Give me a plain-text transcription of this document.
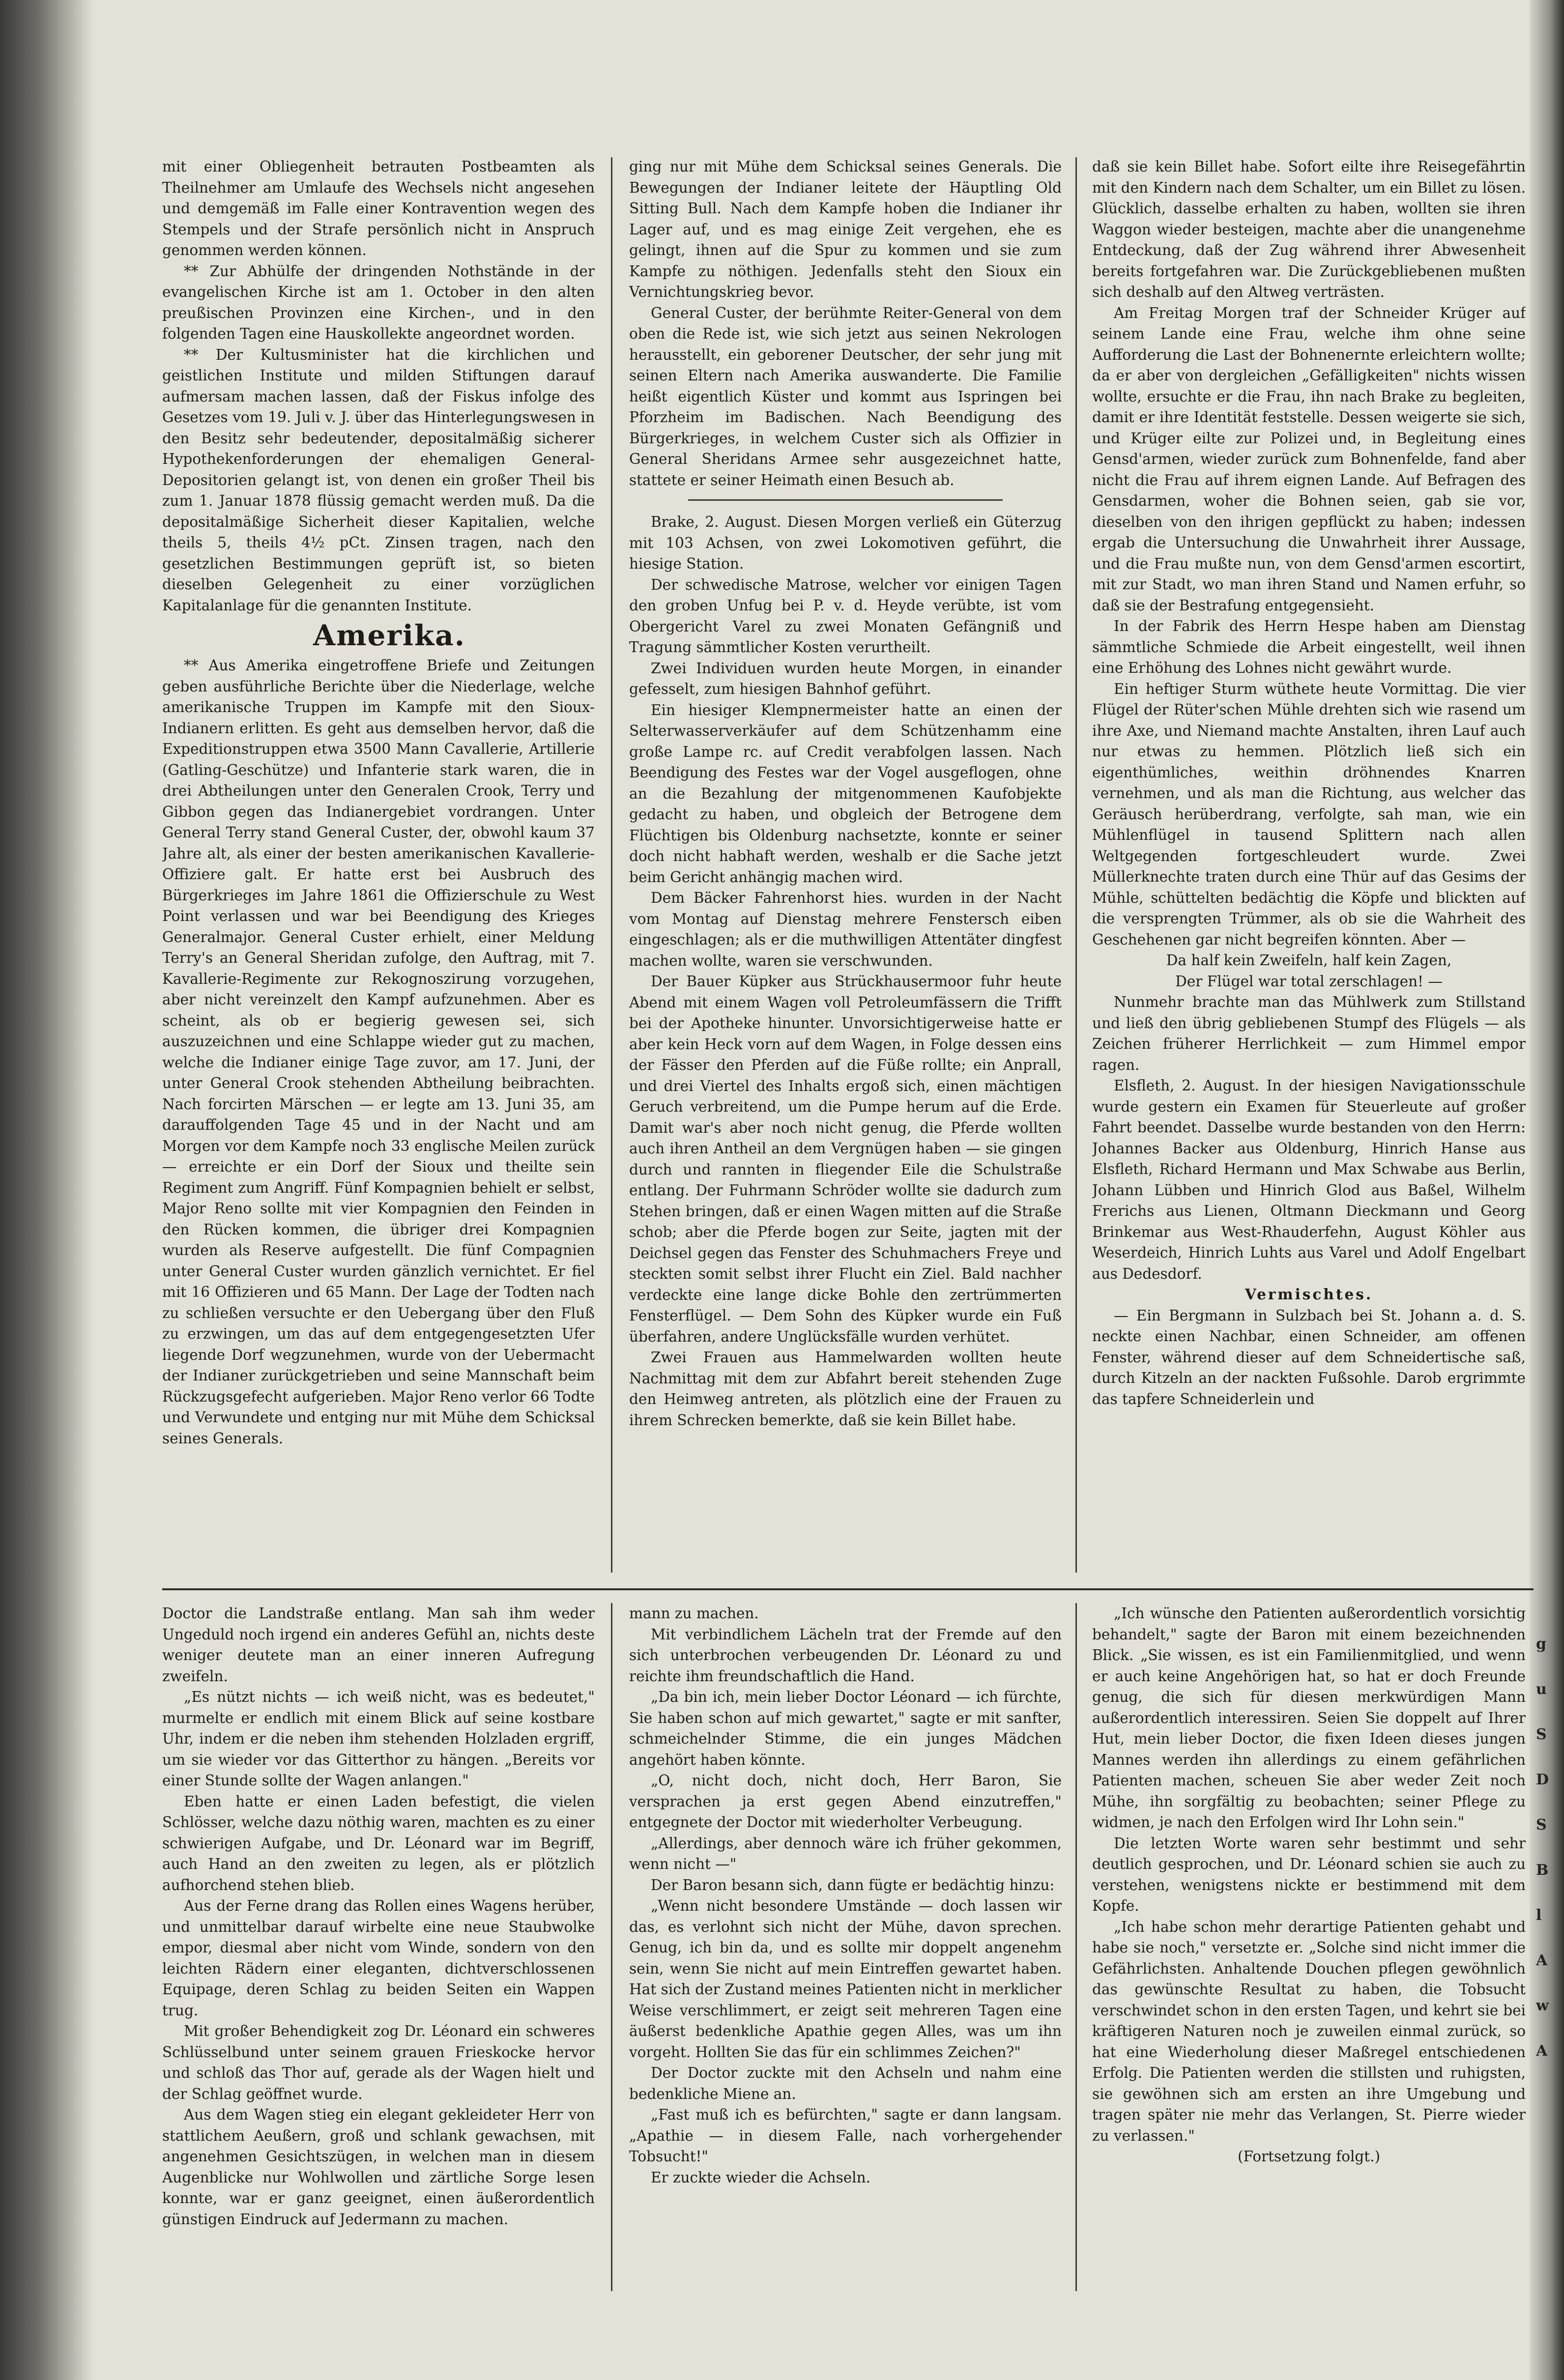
mit einer Obliegenheit betrauten Postbeamten als Theilnehmer am Umlaufe des Wechsels nicht angesehen und demgemäß im Falle einer Kontravention wegen des Stempels und der Strafe persönlich nicht in Anspruch genommen werden können.

** Zur Abhülfe der dringenden Nothstände in der evangelischen Kirche ist am 1. October in den alten preußischen Provinzen eine Kirchen-, und in den folgenden Tagen eine Hauskollekte angeordnet worden.

** Der Kultusminister hat die kirchlichen und geistlichen Institute und milden Stiftungen darauf aufmersam machen lassen, daß der Fiskus infolge des Gesetzes vom 19. Juli v. J. über das Hinterlegungswesen in den Besitz sehr bedeutender, depositalmäßig sicherer Hypothekenforderungen der ehemaligen General-Depositorien gelangt ist, von denen ein großer Theil bis zum 1. Januar 1878 flüssig gemacht werden muß. Da die depositalmäßige Sicherheit dieser Kapitalien, welche theils 5, theils 4½ pCt. Zinsen tragen, nach den gesetzlichen Bestimmungen geprüft ist, so bieten dieselben Gelegenheit zu einer vorzüglichen Kapitalanlage für die genannten Institute.

Amerika.

** Aus Amerika eingetroffene Briefe und Zeitungen geben ausführliche Berichte über die Niederlage, welche amerikanische Truppen im Kampfe mit den Sioux-Indianern erlitten. Es geht aus demselben hervor, daß die Expeditionstruppen etwa 3500 Mann Cavallerie, Artillerie (Gatling-Geschütze) und Infanterie stark waren, die in drei Abtheilungen unter den Generalen Crook, Terry und Gibbon gegen das Indianergebiet vordrangen. Unter General Terry stand General Custer, der, obwohl kaum 37 Jahre alt, als einer der besten amerikanischen Kavallerie-Offiziere galt. Er hatte erst bei Ausbruch des Bürgerkrieges im Jahre 1861 die Offizierschule zu West Point verlassen und war bei Beendigung des Krieges Generalmajor. General Custer erhielt, einer Meldung Terry's an General Sheridan zufolge, den Auftrag, mit 7. Kavallerie-Regimente zur Rekognoszirung vorzugehen, aber nicht vereinzelt den Kampf aufzunehmen. Aber es scheint, als ob er begierig gewesen sei, sich auszuzeichnen und eine Schlappe wieder gut zu machen, welche die Indianer einige Tage zuvor, am 17. Juni, der unter General Crook stehenden Abtheilung beibrachten. Nach forcirten Märschen — er legte am 13. Juni 35, am darauffolgenden Tage 45 und in der Nacht und am Morgen vor dem Kampfe noch 33 englische Meilen zurück — erreichte er ein Dorf der Sioux und theilte sein Regiment zum Angriff. Fünf Kompagnien behielt er selbst, Major Reno sollte mit vier Kompagnien den Feinden in den Rücken kommen, die übriger drei Kompagnien wurden als Reserve aufgestellt. Die fünf Compagnien unter General Custer wurden gänzlich vernichtet. Er fiel mit 16 Offizieren und 65 Mann. Der Lage der Todten nach zu schließen versuchte er den Uebergang über den Fluß zu erzwingen, um das auf dem entgegengesetzten Ufer liegende Dorf wegzunehmen, wurde von der Uebermacht der Indianer zurückgetrieben und seine Mannschaft beim Rückzugsgefecht aufgerieben. Major Reno verlor 66 Todte und Verwundete und entging nur mit Mühe dem Schicksal seines Generals.

ging nur mit Mühe dem Schicksal seines Generals. Die Bewegungen der Indianer leitete der Häuptling Old Sitting Bull. Nach dem Kampfe hoben die Indianer ihr Lager auf, und es mag einige Zeit vergehen, ehe es gelingt, ihnen auf die Spur zu kommen und sie zum Kampfe zu nöthigen. Jedenfalls steht den Sioux ein Vernichtungskrieg bevor.

General Custer, der berühmte Reiter-General von dem oben die Rede ist, wie sich jetzt aus seinen Nekrologen herausstellt, ein geborener Deutscher, der sehr jung mit seinen Eltern nach Amerika auswanderte. Die Familie heißt eigentlich Küster und kommt aus Ispringen bei Pforzheim im Badischen. Nach Beendigung des Bürgerkrieges, in welchem Custer sich als Offizier in General Sheridans Armee sehr ausgezeichnet hatte, stattete er seiner Heimath einen Besuch ab.

Brake, 2. August. Diesen Morgen verließ ein Güterzug mit 103 Achsen, von zwei Lokomotiven geführt, die hiesige Station.

Der schwedische Matrose, welcher vor einigen Tagen den groben Unfug bei P. v. d. Heyde verübte, ist vom Obergericht Varel zu zwei Monaten Gefängniß und Tragung sämmtlicher Kosten verurtheilt.

Zwei Individuen wurden heute Morgen, in einander gefesselt, zum hiesigen Bahnhof geführt.

Ein hiesiger Klempnermeister hatte an einen der Selterwasserverkäufer auf dem Schützenhamm eine große Lampe rc. auf Credit verabfolgen lassen. Nach Beendigung des Festes war der Vogel ausgeflogen, ohne an die Bezahlung der mitgenommenen Kaufobjekte gedacht zu haben, und obgleich der Betrogene dem Flüchtigen bis Oldenburg nachsetzte, konnte er seiner doch nicht habhaft werden, weshalb er die Sache jetzt beim Gericht anhängig machen wird.

Dem Bäcker Fahrenhorst hies. wurden in der Nacht vom Montag auf Dienstag mehrere Fenstersch eiben eingeschlagen; als er die muthwilligen Attentäter dingfest machen wollte, waren sie verschwunden.

Der Bauer Küpker aus Strückhausermoor fuhr heute Abend mit einem Wagen voll Petroleumfässern die Trifft bei der Apotheke hinunter. Unvorsichtigerweise hatte er aber kein Heck vorn auf dem Wagen, in Folge dessen eins der Fässer den Pferden auf die Füße rollte; ein Anprall, und drei Viertel des Inhalts ergoß sich, einen mächtigen Geruch verbreitend, um die Pumpe herum auf die Erde. Damit war's aber noch nicht genug, die Pferde wollten auch ihren Antheil an dem Vergnügen haben — sie gingen durch und rannten in fliegender Eile die Schulstraße entlang. Der Fuhrmann Schröder wollte sie dadurch zum Stehen bringen, daß er einen Wagen mitten auf die Straße schob; aber die Pferde bogen zur Seite, jagten mit der Deichsel gegen das Fenster des Schuhmachers Freye und steckten somit selbst ihrer Flucht ein Ziel. Bald nachher verdeckte eine lange dicke Bohle den zertrümmerten Fensterflügel. — Dem Sohn des Küpker wurde ein Fuß überfahren, andere Unglücksfälle wurden verhütet.

Zwei Frauen aus Hammelwarden wollten heute Nachmittag mit dem zur Abfahrt bereit stehenden Zuge den Heimweg antreten, als plötzlich eine der Frauen zu ihrem Schrecken bemerkte, daß sie kein Billet habe.

daß sie kein Billet habe. Sofort eilte ihre Reisegefährtin mit den Kindern nach dem Schalter, um ein Billet zu lösen. Glücklich, dasselbe erhalten zu haben, wollten sie ihren Waggon wieder besteigen, machte aber die unangenehme Entdeckung, daß der Zug während ihrer Abwesenheit bereits fortgefahren war. Die Zurückgebliebenen mußten sich deshalb auf den Altweg verträsten.

Am Freitag Morgen traf der Schneider Krüger auf seinem Lande eine Frau, welche ihm ohne seine Aufforderung die Last der Bohnenernte erleichtern wollte; da er aber von dergleichen „Gefälligkeiten" nichts wissen wollte, ersuchte er die Frau, ihn nach Brake zu begleiten, damit er ihre Identität feststelle. Dessen weigerte sie sich, und Krüger eilte zur Polizei und, in Begleitung eines Gensd'armen, wieder zurück zum Bohnenfelde, fand aber nicht die Frau auf ihrem eignen Lande. Auf Befragen des Gensdarmen, woher die Bohnen seien, gab sie vor, dieselben von den ihrigen gepflückt zu haben; indessen ergab die Untersuchung die Unwahrheit ihrer Aussage, und die Frau mußte nun, von dem Gensd'armen escortirt, mit zur Stadt, wo man ihren Stand und Namen erfuhr, so daß sie der Bestrafung entgegensieht.

In der Fabrik des Herrn Hespe haben am Dienstag sämmtliche Schmiede die Arbeit eingestellt, weil ihnen eine Erhöhung des Lohnes nicht gewährt wurde.

Ein heftiger Sturm wüthete heute Vormittag. Die vier Flügel der Rüter'schen Mühle drehten sich wie rasend um ihre Axe, und Niemand machte Anstalten, ihren Lauf auch nur etwas zu hemmen. Plötzlich ließ sich ein eigenthümliches, weithin dröhnendes Knarren vernehmen, und als man die Richtung, aus welcher das Geräusch herüberdrang, verfolgte, sah man, wie ein Mühlenflügel in tausend Splittern nach allen Weltgegenden fortgeschleudert wurde. Zwei Müllerknechte traten durch eine Thür auf das Gesims der Mühle, schüttelten bedächtig die Köpfe und blickten auf die versprengten Trümmer, als ob sie die Wahrheit des Geschehenen gar nicht begreifen könnten. Aber —

Da half kein Zweifeln, half kein Zagen,

Der Flügel war total zerschlagen! —

Nunmehr brachte man das Mühlwerk zum Stillstand und ließ den übrig gebliebenen Stumpf des Flügels — als Zeichen früherer Herrlichkeit — zum Himmel empor ragen.

Elsfleth, 2. August. In der hiesigen Navigationsschule wurde gestern ein Examen für Steuerleute auf großer Fahrt beendet. Dasselbe wurde bestanden von den Herrn: Johannes Backer aus Oldenburg, Hinrich Hanse aus Elsfleth, Richard Hermann und Max Schwabe aus Berlin, Johann Lübben und Hinrich Glod aus Baßel, Wilhelm Frerichs aus Lienen, Oltmann Dieckmann und Georg Brinkemar aus West-Rhauderfehn, August Köhler aus Weserdeich, Hinrich Luhts aus Varel und Adolf Engelbart aus Dedesdorf.

Vermischtes.

— Ein Bergmann in Sulzbach bei St. Johann a. d. S. neckte einen Nachbar, einen Schneider, am offenen Fenster, während dieser auf dem Schneidertische saß, durch Kitzeln an der nackten Fußsohle. Darob ergrimmte das tapfere Schneiderlein und

Doctor die Landstraße entlang. Man sah ihm weder Ungeduld noch irgend ein anderes Gefühl an, nichts deste weniger deutete man an einer inneren Aufregung zweifeln.

„Es nützt nichts — ich weiß nicht, was es bedeutet," murmelte er endlich mit einem Blick auf seine kostbare Uhr, indem er die neben ihm stehenden Holzladen ergriff, um sie wieder vor das Gitterthor zu hängen. „Bereits vor einer Stunde sollte der Wagen anlangen."

Eben hatte er einen Laden befestigt, die vielen Schlösser, welche dazu nöthig waren, machten es zu einer schwierigen Aufgabe, und Dr. Léonard war im Begriff, auch Hand an den zweiten zu legen, als er plötzlich aufhorchend stehen blieb.

Aus der Ferne drang das Rollen eines Wagens herüber, und unmittelbar darauf wirbelte eine neue Staubwolke empor, diesmal aber nicht vom Winde, sondern von den leichten Rädern einer eleganten, dichtverschlossenen Equipage, deren Schlag zu beiden Seiten ein Wappen trug.

Mit großer Behendigkeit zog Dr. Léonard ein schweres Schlüsselbund unter seinem grauen Frieskocke hervor und schloß das Thor auf, gerade als der Wagen hielt und der Schlag geöffnet wurde.

Aus dem Wagen stieg ein elegant gekleideter Herr von stattlichem Aeußern, groß und schlank gewachsen, mit angenehmen Gesichtszügen, in welchen man in diesem Augenblicke nur Wohlwollen und zärtliche Sorge lesen konnte, war er ganz geeignet, einen äußerordentlich günstigen Eindruck auf Jedermann zu machen.

mann zu machen.

Mit verbindlichem Lächeln trat der Fremde auf den sich unterbrochen verbeugenden Dr. Léonard zu und reichte ihm freundschaftlich die Hand.

„Da bin ich, mein lieber Doctor Léonard — ich fürchte, Sie haben schon auf mich gewartet," sagte er mit sanfter, schmeichelnder Stimme, die ein junges Mädchen angehört haben könnte.

„O, nicht doch, nicht doch, Herr Baron, Sie versprachen ja erst gegen Abend einzutreffen," entgegnete der Doctor mit wiederholter Verbeugung.

„Allerdings, aber dennoch wäre ich früher gekommen, wenn nicht —"

Der Baron besann sich, dann fügte er bedächtig hinzu:

„Wenn nicht besondere Umstände — doch lassen wir das, es verlohnt sich nicht der Mühe, davon sprechen. Genug, ich bin da, und es sollte mir doppelt angenehm sein, wenn Sie nicht auf mein Eintreffen gewartet haben. Hat sich der Zustand meines Patienten nicht in merklicher Weise verschlimmert, er zeigt seit mehreren Tagen eine äußerst bedenkliche Apathie gegen Alles, was um ihn vorgeht. Hollten Sie das für ein schlimmes Zeichen?"

Der Doctor zuckte mit den Achseln und nahm eine bedenkliche Miene an.

„Fast muß ich es befürchten," sagte er dann langsam. „Apathie — in diesem Falle, nach vorhergehender Tobsucht!"

Er zuckte wieder die Achseln.

„Ich wünsche den Patienten außerordentlich vorsichtig behandelt," sagte der Baron mit einem bezeichnenden Blick. „Sie wissen, es ist ein Familienmitglied, und wenn er auch keine Angehörigen hat, so hat er doch Freunde genug, die sich für diesen merkwürdigen Mann außerordentlich interessiren. Seien Sie doppelt auf Ihrer Hut, mein lieber Doctor, die fixen Ideen dieses jungen Mannes werden ihn allerdings zu einem gefährlichen Patienten machen, scheuen Sie aber weder Zeit noch Mühe, ihn sorgfältig zu beobachten; seiner Pflege zu widmen, je nach den Erfolgen wird Ihr Lohn sein."

Die letzten Worte waren sehr bestimmt und sehr deutlich gesprochen, und Dr. Léonard schien sie auch zu verstehen, wenigstens nickte er bestimmend mit dem Kopfe.

„Ich habe schon mehr derartige Patienten gehabt und habe sie noch," versetzte er. „Solche sind nicht immer die Gefährlichsten. Anhaltende Douchen pflegen gewöhnlich das gewünschte Resultat zu haben, die Tobsucht verschwindet schon in den ersten Tagen, und kehrt sie bei kräftigeren Naturen noch je zuweilen einmal zurück, so hat eine Wiederholung dieser Maßregel entschiedenen Erfolg. Die Patienten werden die stillsten und ruhigsten, sie gewöhnen sich am ersten an ihre Umgebung und tragen später nie mehr das Verlangen, St. Pierre wieder zu verlassen."

(Fortsetzung folgt.)

g
u
S
D
S
B
l
A
w
A
